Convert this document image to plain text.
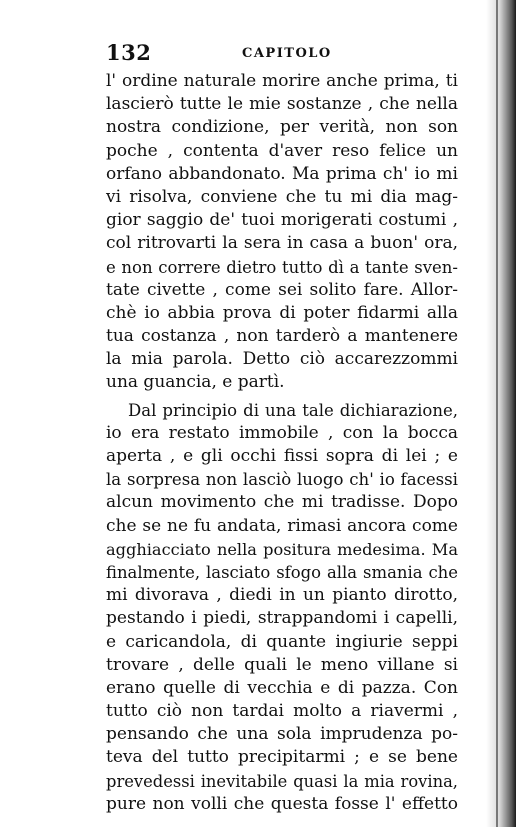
132	CAPITOLO
l' ordine naturale morire anche prima, ti
lascierò tutte le mie sostanze , che nella
nostra condizione, per verità, non son
poche , contenta d'aver reso felice un
orfano abbandonato. Ma prima ch' io mi
vi risolva, conviene che tu mi dia mag-
gior saggio de' tuoi morigerati costumi ,
col ritrovarti la sera in casa a buon' ora,
e non correre dietro tutto dì a tante sven-
tate civette , come sei solito fare. Allor-
chè io abbia prova di poter fidarmi alla
tua costanza , non tarderò a mantenere
la mia parola. Detto ciò accarezzommi
una guancia, e partì.
Dal principio di una tale dichiarazione,
io era restato immobile , con la bocca
aperta , e gli occhi fissi sopra di lei ; e
la sorpresa non lasciò luogo ch' io facessi
alcun movimento che mi tradisse. Dopo
che se ne fu andata, rimasi ancora come
agghiacciato nella positura medesima. Ma
finalmente, lasciato sfogo alla smania che
mi divorava , diedi in un pianto dirotto,
pestando i piedi, strappandomi i capelli,
e caricandola, di quante ingiurie seppi
trovare , delle quali le meno villane si
erano quelle di vecchia e di pazza. Con
tutto ciò non tardai molto a riavermi ,
pensando che una sola imprudenza po-
teva del tutto precipitarmi ; e se bene
prevedessi inevitabile quasi la mia rovina,
pure non volli che questa fosse l' effetto
